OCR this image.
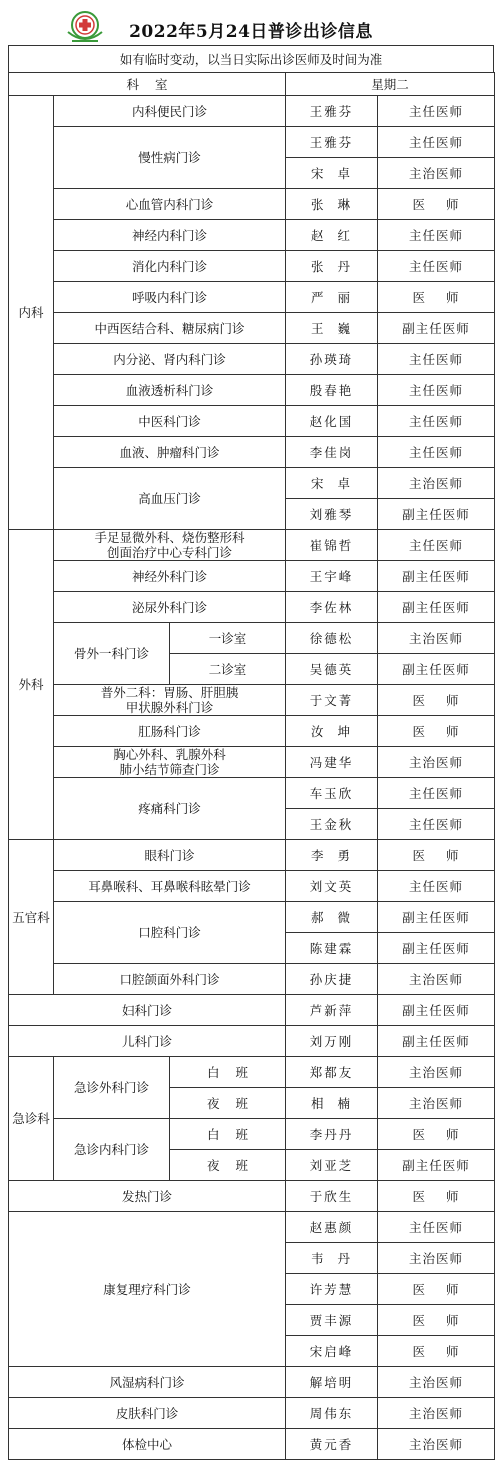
2022年5月24日普诊出诊信息
如有临时变动，以当日实际出诊医师及时间为准
科    室			星期二	
内科	内科便民门诊		王雅芬	主任医师
	慢性病门诊		王雅芬	主任医师
			宋  卓	主治医师
	心血管内科门诊		张  琳	医    师
	神经内科门诊		赵  红	主任医师
	消化内科门诊		张  丹	主任医师
	呼吸内科门诊		严  丽	医    师
	中西医结合科、糖尿病门诊		王  巍	副主任医师
	内分泌、肾内科门诊		孙瑛琦	主任医师
	血液透析科门诊		殷春艳	主任医师
	中医科门诊		赵化国	主任医师
	血液、肿瘤科门诊		李佳岗	主任医师
	高血压门诊		宋  卓	主治医师
			刘雅琴	副主任医师
外科	手足显微外科、烧伤整形科
创面治疗中心专科门诊		崔锦哲	主任医师
	神经外科门诊		王宇峰	副主任医师
	泌尿外科门诊		李佐林	副主任医师
	骨外一科门诊	一诊室	徐德松	主治医师
		二诊室	吴德英	副主任医师

	普外二科：胃肠、肝胆胰
甲状腺外科门诊		于文菁	医    师
	肛肠科门诊		汝  坤	医    师

	胸心外科、乳腺外科
肺小结节筛查门诊		冯建华	主治医师
	疼痛科门诊		车玉欣	主任医师
			王金秋	主任医师
五官科	眼科门诊		李  勇	医    师
	耳鼻喉科、耳鼻喉科眩晕门诊		刘文英	主任医师
	口腔科门诊		郝  微	副主任医师
			陈建霖	副主任医师
	口腔颌面外科门诊		孙庆捷	主治医师
妇科门诊			芦新萍	副主任医师
儿科门诊			刘万刚	副主任医师
急诊科	急诊外科门诊	白    班	郑都友	主治医师
		夜    班	相  楠	主治医师
	急诊内科门诊	白    班	李丹丹	医    师
		夜    班	刘亚芝	副主任医师
发热门诊			于欣生	医    师
康复理疗科门诊			赵惠颜	主任医师
			韦  丹	主治医师
			许芳慧	医    师
			贾丰源	医    师
			宋启峰	医    师
风湿病科门诊			解培明	主治医师
皮肤科门诊			周伟东	主治医师
体检中心			黄元香	主治医师
